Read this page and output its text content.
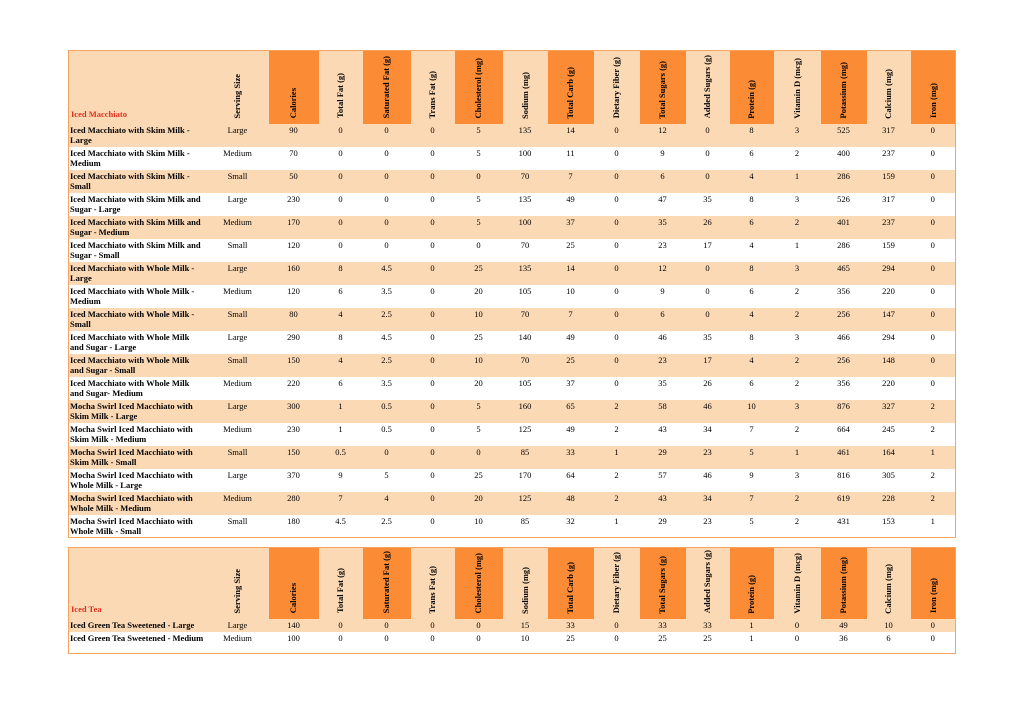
Iced Macchiato	Serving Size	Calories	Total Fat (g)	Saturated Fat (g)	Trans Fat (g)	Cholesterol (mg)	Sodium (mg)	Total Carb (g)	Dietary Fiber (g)	Total Sugars (g)	Added Sugars (g)	Protein (g)	Vitamin D (mcg)	Potassium (mg)	Calcium (mg)	Iron (mg)

Iced Macchiato with Skim Milk - Large	Large	90	0	0	0	5	135	14	0	12	0	8	3	525	317	0
Iced Macchiato with Skim Milk - Medium	Medium	70	0	0	0	5	100	11	0	9	0	6	2	400	237	0
Iced Macchiato with Skim Milk - Small	Small	50	0	0	0	0	70	7	0	6	0	4	1	286	159	0
Iced Macchiato with Skim Milk and Sugar - Large	Large	230	0	0	0	5	135	49	0	47	35	8	3	526	317	0
Iced Macchiato with Skim Milk and Sugar - Medium	Medium	170	0	0	0	5	100	37	0	35	26	6	2	401	237	0
Iced Macchiato with Skim Milk and Sugar - Small	Small	120	0	0	0	0	70	25	0	23	17	4	1	286	159	0
Iced Macchiato with Whole Milk - Large	Large	160	8	4.5	0	25	135	14	0	12	0	8	3	465	294	0
Iced Macchiato with Whole Milk - Medium	Medium	120	6	3.5	0	20	105	10	0	9	0	6	2	356	220	0
Iced Macchiato with Whole Milk - Small	Small	80	4	2.5	0	10	70	7	0	6	0	4	2	256	147	0
Iced Macchiato with Whole Milk and Sugar - Large	Large	290	8	4.5	0	25	140	49	0	46	35	8	3	466	294	0
Iced Macchiato with Whole Milk and Sugar - Small	Small	150	4	2.5	0	10	70	25	0	23	17	4	2	256	148	0
Iced Macchiato with Whole Milk and Sugar- Medium	Medium	220	6	3.5	0	20	105	37	0	35	26	6	2	356	220	0
Mocha Swirl Iced Macchiato with Skim Milk - Large	Large	300	1	0.5	0	5	160	65	2	58	46	10	3	876	327	2
Mocha Swirl Iced Macchiato with Skim Milk - Medium	Medium	230	1	0.5	0	5	125	49	2	43	34	7	2	664	245	2
Mocha Swirl Iced Macchiato with Skim Milk - Small	Small	150	0.5	0	0	0	85	33	1	29	23	5	1	461	164	1
Mocha Swirl Iced Macchiato with Whole Milk - Large	Large	370	9	5	0	25	170	64	2	57	46	9	3	816	305	2
Mocha Swirl Iced Macchiato with Whole Milk - Medium	Medium	280	7	4	0	20	125	48	2	43	34	7	2	619	228	2
Mocha Swirl Iced Macchiato with Whole Milk - Small	Small	180	4.5	2.5	0	10	85	32	1	29	23	5	2	431	153	1
Iced Tea	Serving Size	Calories	Total Fat (g)	Saturated Fat (g)	Trans Fat (g)	Cholesterol (mg)	Sodium (mg)	Total Carb (g)	Dietary Fiber (g)	Total Sugars (g)	Added Sugars (g)	Protein (g)	Vitamin D (mcg)	Potassium (mg)	Calcium (mg)	Iron (mg)

Iced Green Tea Sweetened - Large	Large	140	0	0	0	0	15	33	0	33	33	1	0	49	10	0
Iced Green Tea Sweetened - Medium	Medium	100	0	0	0	0	10	25	0	25	25	1	0	36	6	0
